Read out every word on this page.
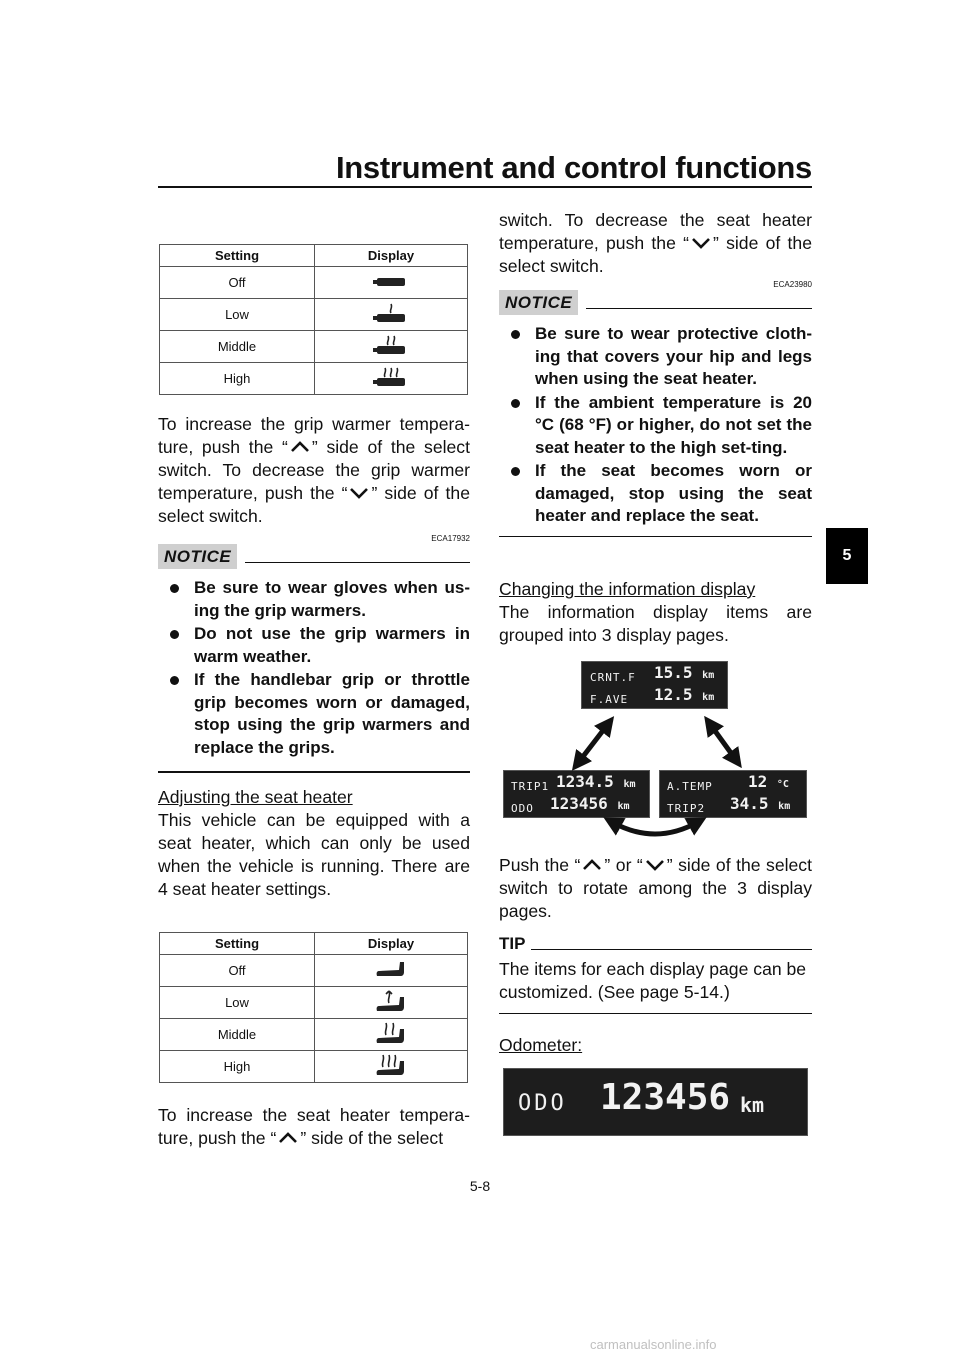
Instrument and control functions
5
Setting	Display
Off	
Low	
Middle	
High	

To increase the grip warmer tempera-ture, push the “ ” side of the select switch. To decrease the grip warmer temperature, push the “ ” side of the select switch.

ECA17932
NOTICE
Be sure to wear gloves when us-ing the grip warmers.
Do not use the grip warmers in warm weather.
If the handlebar grip or throttle grip becomes worn or damaged, stop using the grip warmers and replace the grips.

Adjusting the seat heater

This vehicle can be equipped with a seat heater, which can only be used when the vehicle is running. There are 4 seat heater settings.

Setting	Display
Off	
Low	
Middle	
High	

To increase the seat heater tempera-ture, push the “ ” side of the select

switch. To decrease the seat heater temperature, push the “ ” side of the select switch.

ECA23980
NOTICE
Be sure to wear protective cloth-ing that covers your hip and legs when using the seat heater.
If the ambient temperature is 20 °C (68 °F) or higher, do not set the seat heater to the high set-ting.
If the seat becomes worn or damaged, stop using the seat heater and replace the seat.

Changing the information display

The information display items are grouped into 3 display pages.

CRNT.F 15.5 km
F.AVE 12.5 km
TRIP1 1234.5 km
ODO 123456 km
A.TEMP 12 °C
TRIP2 34.5 km

Push the “ ” or “ ” side of the select switch to rotate among the 3 display pages.

TIP

The items for each display page can be customized. (See page 5-14.)

Odometer:

ODO 123456 km
5-8
carmanualsonline.info
